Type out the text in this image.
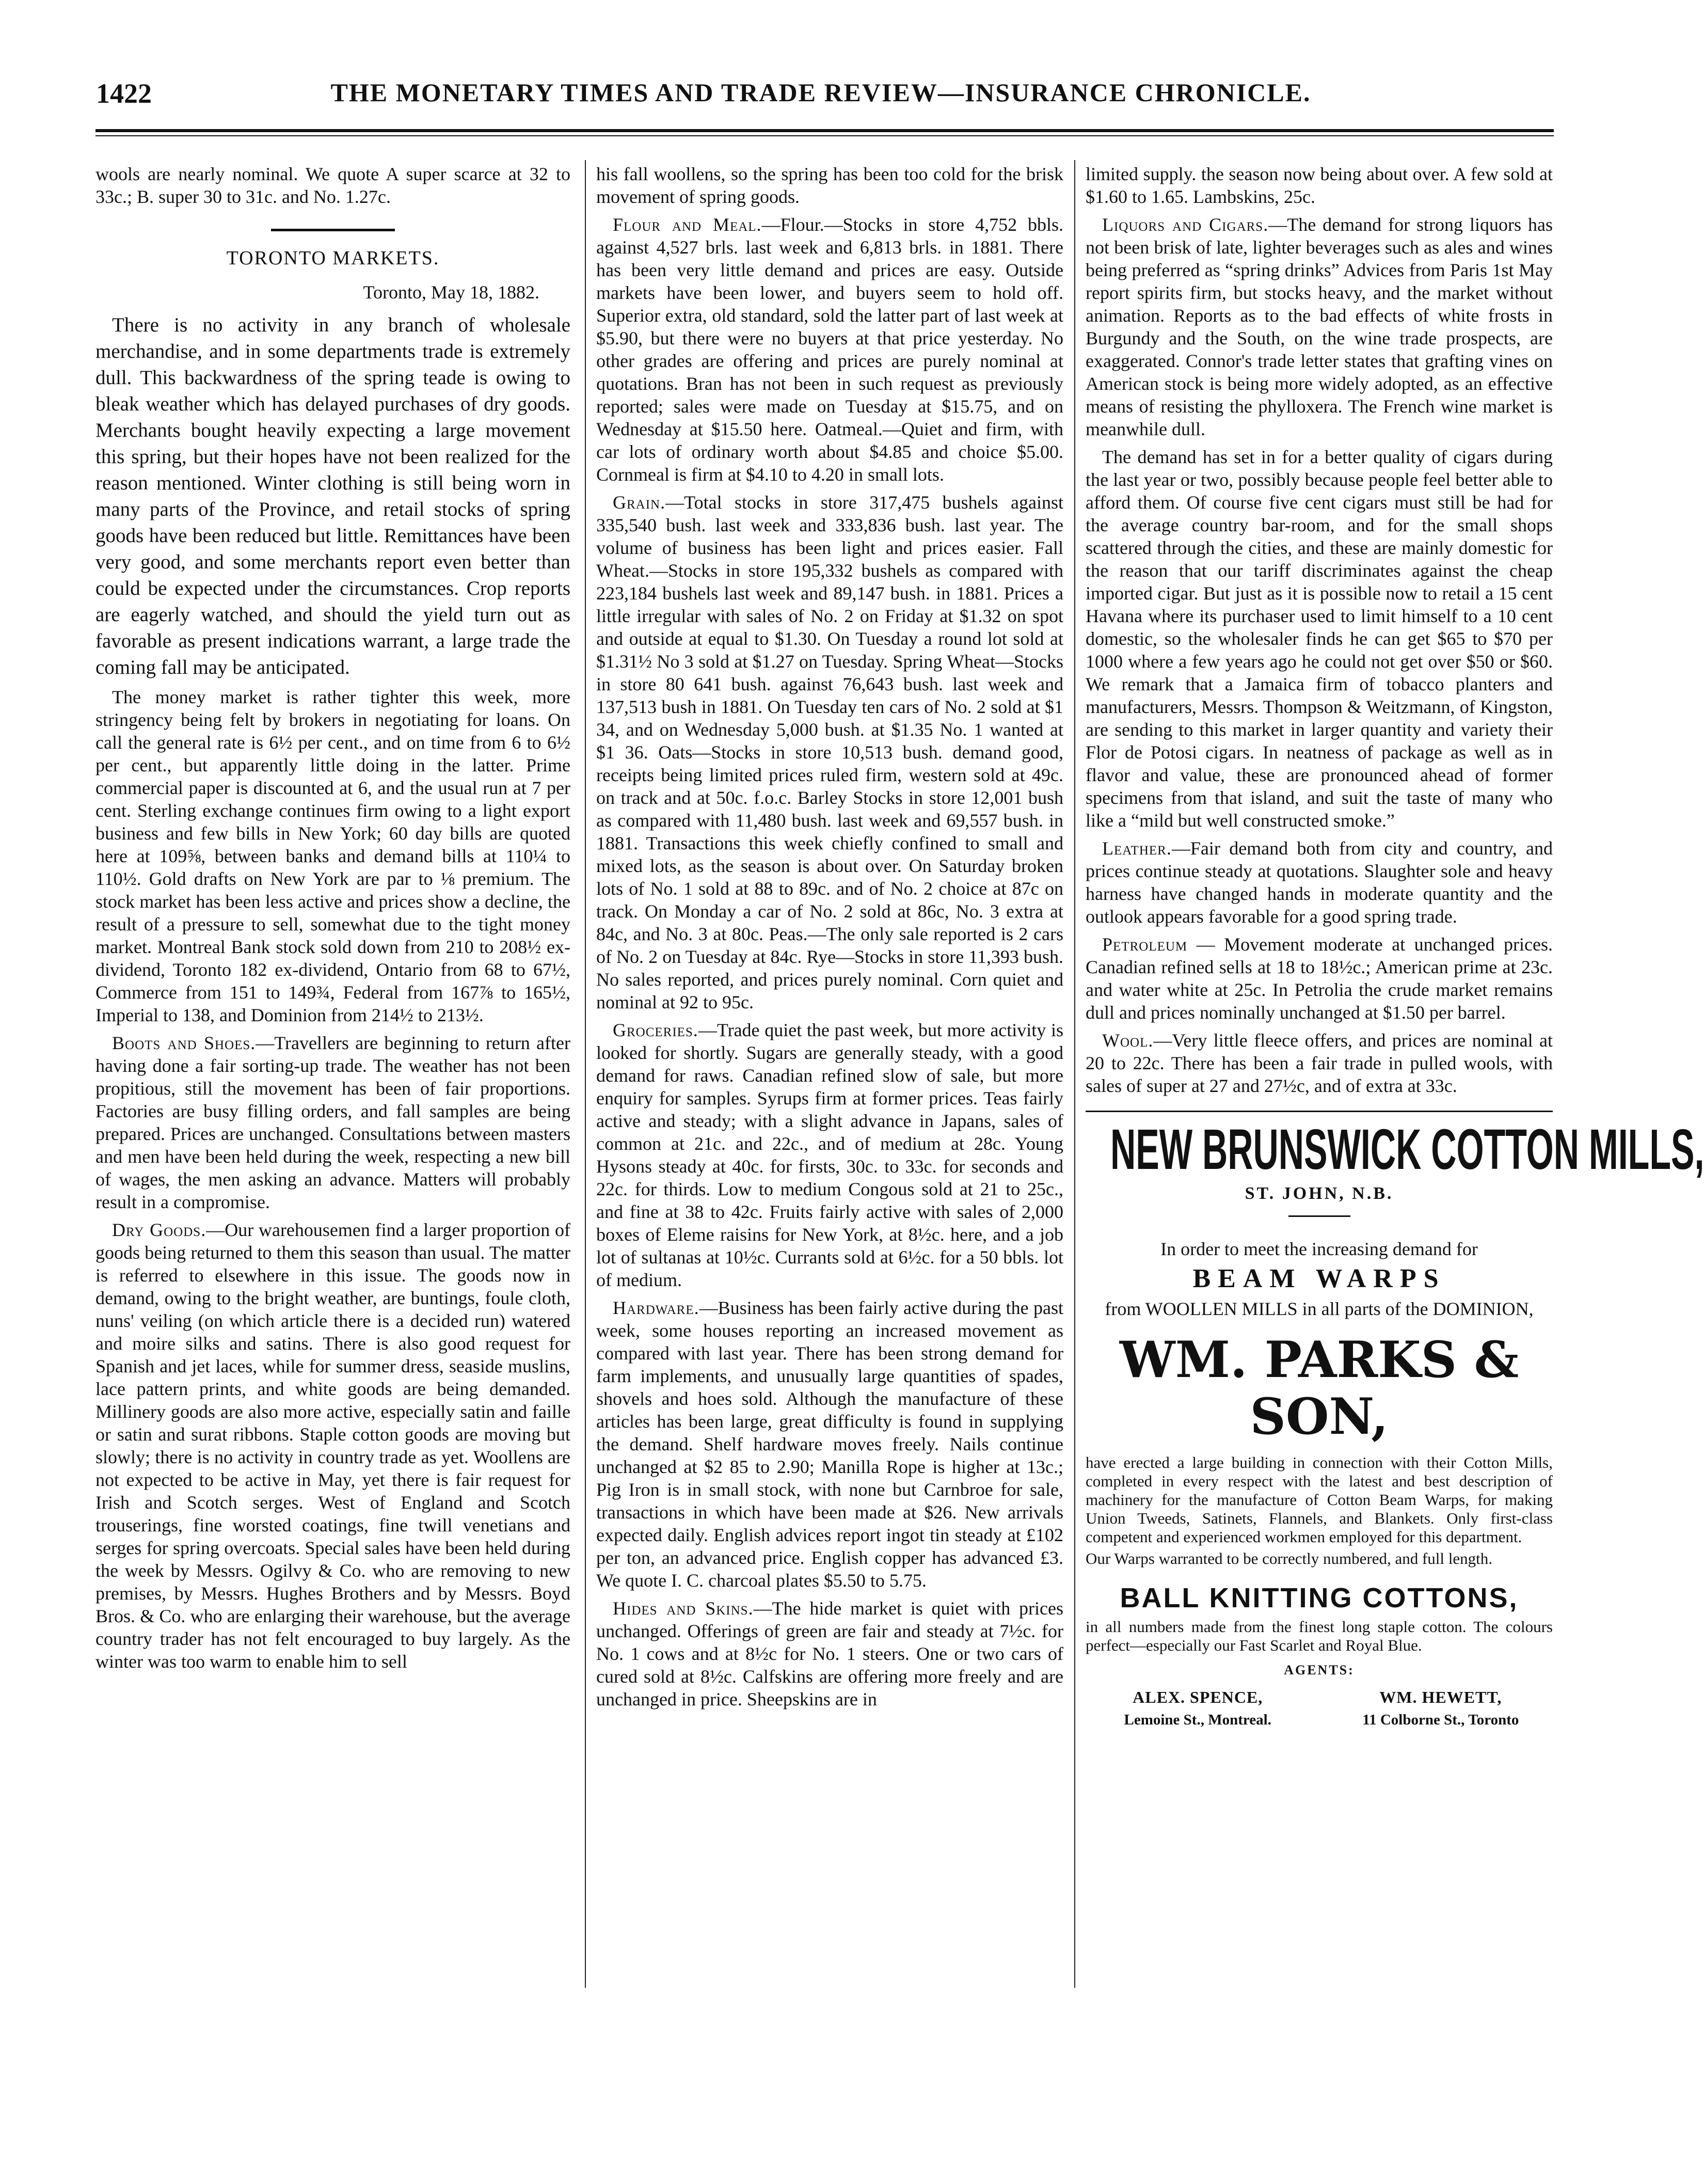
1422	THE MONETARY TIMES AND TRADE REVIEW—INSURANCE CHRONICLE.

wools are nearly nominal. We quote A super scarce at 32 to 33c.; B. super 30 to 31c. and No. 1.27c.

TORONTO MARKETS.
Toronto, May 18, 1882.

There is no activity in any branch of wholesale merchandise, and in some departments trade is extremely dull. This backwardness of the spring teade is owing to bleak weather which has delayed purchases of dry goods. Merchants bought heavily expecting a large movement this spring, but their hopes have not been realized for the reason mentioned. Winter clothing is still being worn in many parts of the Province, and retail stocks of spring goods have been reduced but little. Remittances have been very good, and some merchants report even better than could be expected under the circumstances. Crop reports are eagerly watched, and should the yield turn out as favorable as present indications warrant, a large trade the coming fall may be anticipated.

The money market is rather tighter this week, more stringency being felt by brokers in negotiating for loans. On call the general rate is 6½ per cent., and on time from 6 to 6½ per cent., but apparently little doing in the latter. Prime commercial paper is discounted at 6, and the usual run at 7 per cent. Sterling exchange continues firm owing to a light export business and few bills in New York; 60 day bills are quoted here at 109⅝, between banks and demand bills at 110¼ to 110½. Gold drafts on New York are par to ⅛ premium. The stock market has been less active and prices show a decline, the result of a pressure to sell, somewhat due to the tight money market. Montreal Bank stock sold down from 210 to 208½ ex-dividend, Toronto 182 ex-dividend, Ontario from 68 to 67½, Commerce from 151 to 149¾, Federal from 167⅞ to 165½, Imperial to 138, and Dominion from 214½ to 213½.

Boots and Shoes.—Travellers are beginning to return after having done a fair sorting-up trade. The weather has not been propitious, still the movement has been of fair proportions. Factories are busy filling orders, and fall samples are being prepared. Prices are unchanged. Consultations between masters and men have been held during the week, respecting a new bill of wages, the men asking an advance. Matters will probably result in a compromise.

Dry Goods.—Our warehousemen find a larger proportion of goods being returned to them this season than usual. The matter is referred to elsewhere in this issue. The goods now in demand, owing to the bright weather, are buntings, foule cloth, nuns' veiling (on which article there is a decided run) watered and moire silks and satins. There is also good request for Spanish and jet laces, while for summer dress, seaside muslins, lace pattern prints, and white goods are being demanded. Millinery goods are also more active, especially satin and faille or satin and surat ribbons. Staple cotton goods are moving but slowly; there is no activity in country trade as yet. Woollens are not expected to be active in May, yet there is fair request for Irish and Scotch serges. West of England and Scotch trouserings, fine worsted coatings, fine twill venetians and serges for spring overcoats. Special sales have been held during the week by Messrs. Ogilvy & Co. who are removing to new premises, by Messrs. Hughes Brothers and by Messrs. Boyd Bros. & Co. who are enlarging their warehouse, but the average country trader has not felt encouraged to buy largely. As the winter was too warm to enable him to sell

his fall woollens, so the spring has been too cold for the brisk movement of spring goods.

Flour and Meal.—Flour.—Stocks in store 4,752 bbls. against 4,527 brls. last week and 6,813 brls. in 1881. There has been very little demand and prices are easy. Outside markets have been lower, and buyers seem to hold off. Superior extra, old standard, sold the latter part of last week at $5.90, but there were no buyers at that price yesterday. No other grades are offering and prices are purely nominal at quotations. Bran has not been in such request as previously reported; sales were made on Tuesday at $15.75, and on Wednesday at $15.50 here. Oatmeal.—Quiet and firm, with car lots of ordinary worth about $4.85 and choice $5.00. Cornmeal is firm at $4.10 to 4.20 in small lots.

Grain.—Total stocks in store 317,475 bushels against 335,540 bush. last week and 333,836 bush. last year. The volume of business has been light and prices easier. Fall Wheat.—Stocks in store 195,332 bushels as compared with 223,184 bushels last week and 89,147 bush. in 1881. Prices a little irregular with sales of No. 2 on Friday at $1.32 on spot and outside at equal to $1.30. On Tuesday a round lot sold at $1.31½ No 3 sold at $1.27 on Tuesday. Spring Wheat—Stocks in store 80 641 bush. against 76,643 bush. last week and 137,513 bush in 1881. On Tuesday ten cars of No. 2 sold at $1 34, and on Wednesday 5,000 bush. at $1.35 No. 1 wanted at $1 36. Oats—Stocks in store 10,513 bush. demand good, receipts being limited prices ruled firm, western sold at 49c. on track and at 50c. f.o.c. Barley Stocks in store 12,001 bush as compared with 11,480 bush. last week and 69,557 bush. in 1881. Transactions this week chiefly confined to small and mixed lots, as the season is about over. On Saturday broken lots of No. 1 sold at 88 to 89c. and of No. 2 choice at 87c on track. On Monday a car of No. 2 sold at 86c, No. 3 extra at 84c, and No. 3 at 80c. Peas.—The only sale reported is 2 cars of No. 2 on Tuesday at 84c. Rye—Stocks in store 11,393 bush. No sales reported, and prices purely nominal. Corn quiet and nominal at 92 to 95c.

Groceries.—Trade quiet the past week, but more activity is looked for shortly. Sugars are generally steady, with a good demand for raws. Canadian refined slow of sale, but more enquiry for samples. Syrups firm at former prices. Teas fairly active and steady; with a slight advance in Japans, sales of common at 21c. and 22c., and of medium at 28c. Young Hysons steady at 40c. for firsts, 30c. to 33c. for seconds and 22c. for thirds. Low to medium Congous sold at 21 to 25c., and fine at 38 to 42c. Fruits fairly active with sales of 2,000 boxes of Eleme raisins for New York, at 8½c. here, and a job lot of sultanas at 10½c. Currants sold at 6½c. for a 50 bbls. lot of medium.

Hardware.—Business has been fairly active during the past week, some houses reporting an increased movement as compared with last year. There has been strong demand for farm implements, and unusually large quantities of spades, shovels and hoes sold. Although the manufacture of these articles has been large, great difficulty is found in supplying the demand. Shelf hardware moves freely. Nails continue unchanged at $2 85 to 2.90; Manilla Rope is higher at 13c.; Pig Iron is in small stock, with none but Carnbroe for sale, transactions in which have been made at $26. New arrivals expected daily. English advices report ingot tin steady at £102 per ton, an advanced price. English copper has advanced £3. We quote I. C. charcoal plates $5.50 to 5.75.

Hides and Skins.—The hide market is quiet with prices unchanged. Offerings of green are fair and steady at 7½c. for No. 1 cows and at 8½c for No. 1 steers. One or two cars of cured sold at 8½c. Calfskins are offering more freely and are unchanged in price. Sheepskins are in

limited supply. the season now being about over. A few sold at $1.60 to 1.65. Lambskins, 25c.

Liquors and Cigars.—The demand for strong liquors has not been brisk of late, lighter beverages such as ales and wines being preferred as “spring drinks” Advices from Paris 1st May report spirits firm, but stocks heavy, and the market without animation. Reports as to the bad effects of white frosts in Burgundy and the South, on the wine trade prospects, are exaggerated. Connor's trade letter states that grafting vines on American stock is being more widely adopted, as an effective means of resisting the phylloxera. The French wine market is meanwhile dull.

The demand has set in for a better quality of cigars during the last year or two, possibly because people feel better able to afford them. Of course five cent cigars must still be had for the average country bar-room, and for the small shops scattered through the cities, and these are mainly domestic for the reason that our tariff discriminates against the cheap imported cigar. But just as it is possible now to retail a 15 cent Havana where its purchaser used to limit himself to a 10 cent domestic, so the wholesaler finds he can get $65 to $70 per 1000 where a few years ago he could not get over $50 or $60. We remark that a Jamaica firm of tobacco planters and manufacturers, Messrs. Thompson & Weitzmann, of Kingston, are sending to this market in larger quantity and variety their Flor de Potosi cigars. In neatness of package as well as in flavor and value, these are pronounced ahead of former specimens from that island, and suit the taste of many who like a “mild but well constructed smoke.”

Leather.—Fair demand both from city and country, and prices continue steady at quotations. Slaughter sole and heavy harness have changed hands in moderate quantity and the outlook appears favorable for a good spring trade.

Petroleum — Movement moderate at unchanged prices. Canadian refined sells at 18 to 18½c.; American prime at 23c. and water white at 25c. In Petrolia the crude market remains dull and prices nominally unchanged at $1.50 per barrel.

Wool.—Very little fleece offers, and prices are nominal at 20 to 22c. There has been a fair trade in pulled wools, with sales of super at 27 and 27½c, and of extra at 33c.

NEW BRUNSWICK COTTON MILLS,
ST. JOHN, N.B.
In order to meet the increasing demand for
BEAM WARPS
from WOOLLEN MILLS in all parts of the DOMINION,
WM. PARKS & SON,
have erected a large building in connection with their Cotton Mills, completed in every respect with the latest and best description of machinery for the manufacture of Cotton Beam Warps, for making Union Tweeds, Satinets, Flannels, and Blankets. Only first-class competent and experienced workmen employed for this department.
Our Warps warranted to be correctly numbered, and full length.
BALL KNITTING COTTONS,
in all numbers made from the finest long staple cotton. The colours perfect—especially our Fast Scarlet and Royal Blue.
AGENTS:
ALEX. SPENCE,
Lemoine St., Montreal.
WM. HEWETT,
11 Colborne St., Toronto
